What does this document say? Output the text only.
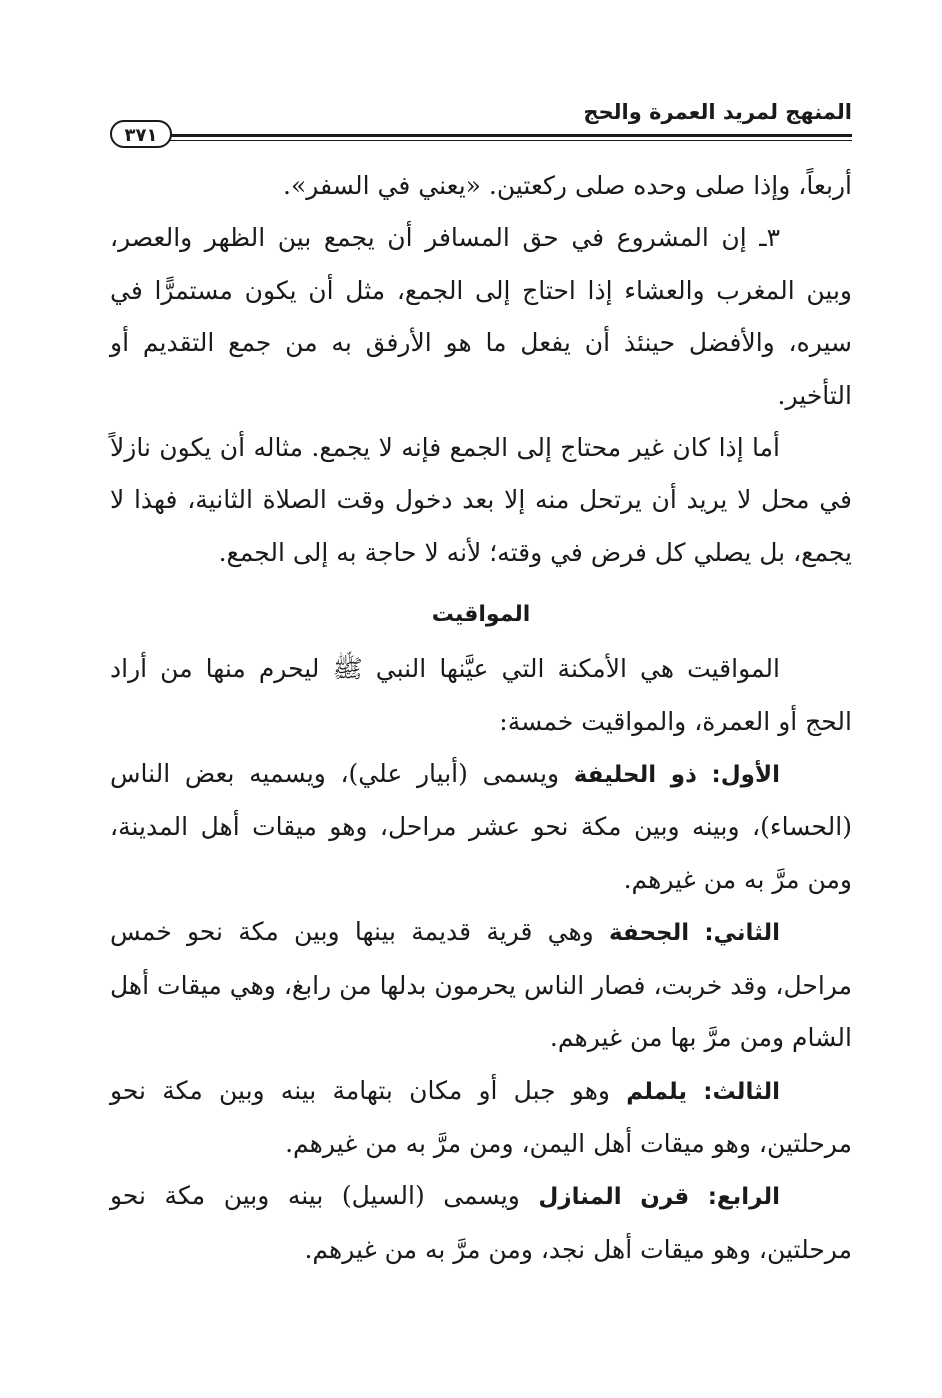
المنهج لمريد العمرة والحج
٣٧١

أربعاً، وإذا صلى وحده صلى ركعتين. «يعني في السفر».

٣ـ إن المشروع في حق المسافر أن يجمع بين الظهر والعصر، وبين المغرب والعشاء إذا احتاج إلى الجمع، مثل أن يكون مستمرًّا في سيره، والأفضل حينئذ أن يفعل ما هو الأرفق به من جمع التقديم أو التأخير.

أما إذا كان غير محتاج إلى الجمع فإنه لا يجمع. مثاله أن يكون نازلاً في محل لا يريد أن يرتحل منه إلا بعد دخول وقت الصلاة الثانية، فهذا لا يجمع، بل يصلي كل فرض في وقته؛ لأنه لا حاجة به إلى الجمع.

المواقيت

المواقيت هي الأمكنة التي عيَّنها النبي ﷺ ليحرم منها من أراد الحج أو العمرة، والمواقيت خمسة:

الأول: ذو الحليفة ويسمى (أبيار علي)، ويسميه بعض الناس (الحساء)، وبينه وبين مكة نحو عشر مراحل، وهو ميقات أهل المدينة، ومن مرَّ به من غيرهم.

الثاني: الجحفة وهي قرية قديمة بينها وبين مكة نحو خمس مراحل، وقد خربت، فصار الناس يحرمون بدلها من رابغ، وهي ميقات أهل الشام ومن مرَّ بها من غيرهم.

الثالث: يلملم وهو جبل أو مكان بتهامة بينه وبين مكة نحو مرحلتين، وهو ميقات أهل اليمن، ومن مرَّ به من غيرهم.

الرابع: قرن المنازل ويسمى (السيل) بينه وبين مكة نحو مرحلتين، وهو ميقات أهل نجد، ومن مرَّ به من غيرهم.
